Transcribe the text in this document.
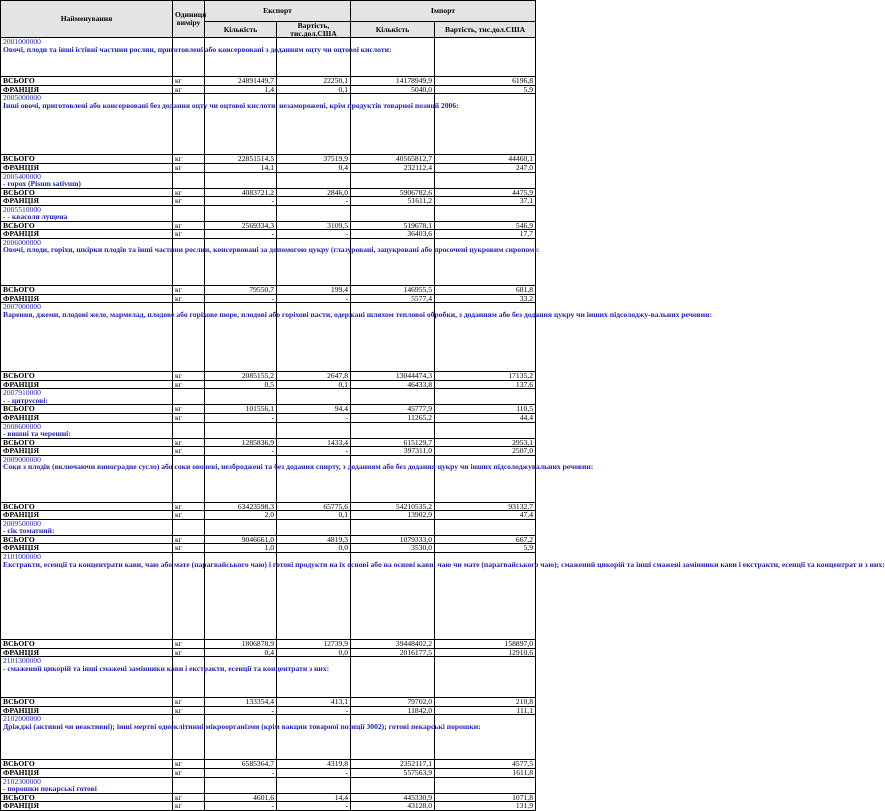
Найменування	Одиниця виміру	Експорт		Імпорт	
		Кількість	Вартість, тис.дол.США	Кількість	Вартість, тис.дол.США

2001000000
Овочі, плоди та інші їстівні частини рослин, приготовлені або консервовані з доданням оцту чи оцтової кислоти:					
ВСЬОГО	кг	24891449,7	22250,1	14178949,9	6196,8
ФРАНЦІЯ	кг	1,4	0,1	5040,0	5,9

2005000000
Інші овочі, приготовлені або консервовані без додання оцту чи оцтової кислоти, незаморожені, крім продуктів товарної позиції 2006:					
ВСЬОГО	кг	22851514,5	37519,9	40565812,7	44460,1
ФРАНЦІЯ	кг	14,1	0,4	232112,4	247,0

2005400000
- горох (Pisum sativum)					
ВСЬОГО	кг	4083721,2	2846,0	5906782,6	4475,9
ФРАНЦІЯ	кг	-	-	51611,2	37,1

2005510000
- - квасоля лущена					
ВСЬОГО	кг	2569334,3	3109,5	519678,1	546,9
ФРАНЦІЯ	кг	-	-	36403,6	17,7

2006000000
Овочі, плоди, горіхи, шкірки плодів та інші частини рослин, консервовані за допомогою цукру (глазуровані, зацукровані або просочені цукровим сиропом):					
ВСЬОГО	кг	79550,7	199,4	146955,5	681,8
ФРАНЦІЯ	кг	-	-	5577,4	33,2

2007000000
Варення, джеми, плодові желе, мармелад, плодове або горіхове пюре, плодові або горіхові пасти, одержані шляхом теплової обробки, з доданням або без додання цукру чи інших підсолоджу-вальних речовин:					
ВСЬОГО	кг	2085155,2	2647,8	13044474,3	17135,2
ФРАНЦІЯ	кг	0,5	0,1	46433,8	137,6

2007910000
- - цитрусові:					
ВСЬОГО	кг	101556,1	94,4	45777,9	110,5
ФРАНЦІЯ	кг	-	-	11265,2	44,4

2008600000
- вишні та черешні:					
ВСЬОГО	кг	1285836,9	1433,4	615129,7	2953,1
ФРАНЦІЯ	кг	-	-	397311,0	2507,0

2009000000
Соки з плодів (включаючи виноградне сусло) або соки овочеві, незброджені та без додання спирту, з доданням або без додання цукру чи інших підсолоджувальних речовин:					
ВСЬОГО	кг	63423598,3	65775,6	54210535,2	93132,7
ФРАНЦІЯ	кг	2,0	0,1	13902,9	47,4

2009500000
- сік томатний:					
ВСЬОГО	кг	9046661,0	4819,3	1079333,0	667,2
ФРАНЦІЯ	кг	1,0	0,0	3530,0	5,9

2101000000
Екстракти, есенції та концентрати кави, чаю або мате (парагвайського чаю) і готові продукти на їх основі або на основі кави, чаю чи мате (парагвайського чаю); смажений цикорій та інші смажені замінники кави і екстракти, есенції та концентрат и з них:					
ВСЬОГО	кг	1806878,9	12739,9	39448402,2	158897,0
ФРАНЦІЯ	кг	0,4	0,0	2016177,5	12910,6

2101300000
- смажений цикорій та інші смажені замінники кави і екстракти, есенції та концентрати з них:					
ВСЬОГО	кг	133354,4	413,1	79702,0	210,8
ФРАНЦІЯ	кг	-	-	11842,0	111,1

2102000000
Дріжджі (активні чи неактивні); інші мертві одноклітинні мікроорганізми (крім вакцин товарної позиції 3002); готові пекарські порошки:					
ВСЬОГО	кг	6585364,7	4319,8	2352117,1	4577,5
ФРАНЦІЯ	кг	-	-	557563,9	1611,8

2102300000
- порошки пекарські готові					
ВСЬОГО	кг	4601,6	14,4	445330,9	1071,8
ФРАНЦІЯ	кг	-	-	43128,0	131,9
